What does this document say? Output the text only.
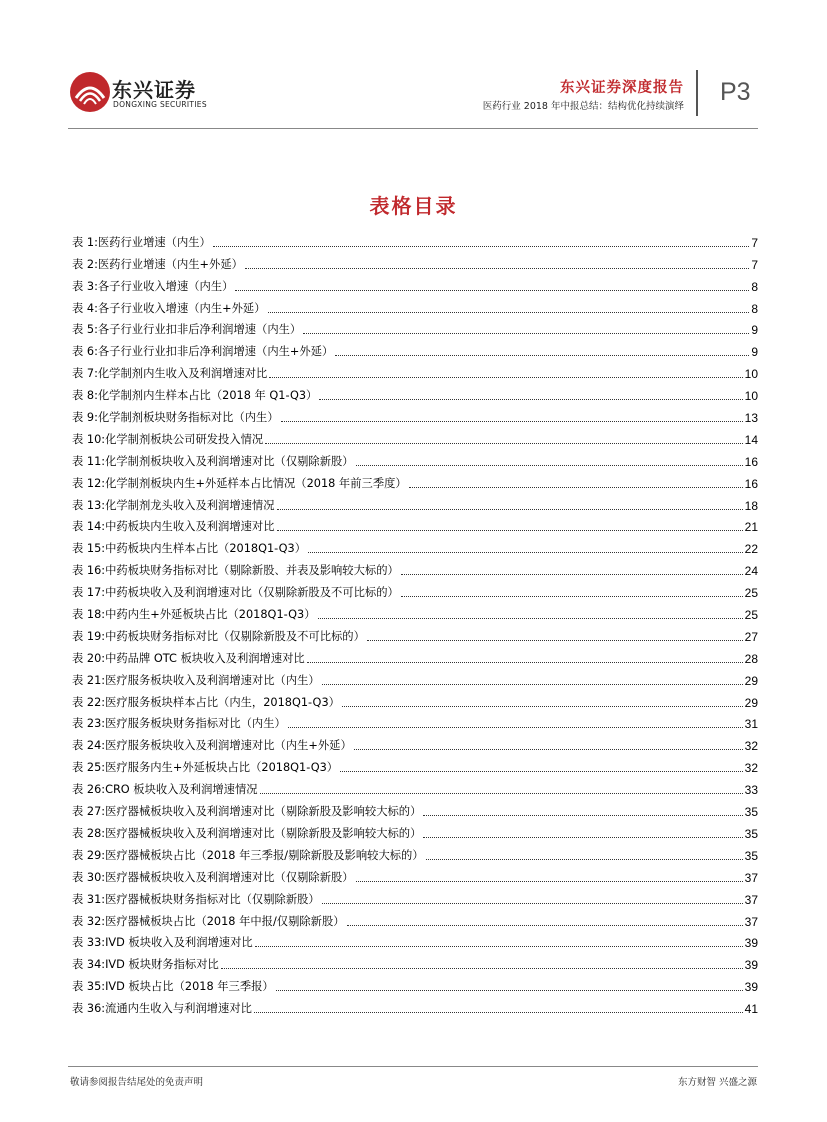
东兴证券
DONGXING SECURITIES
东兴证券深度报告
医药行业 2018 年中报总结：结构优化持续演绎
P3
表格目录
表 1:医药行业增速（内生）	7
表 2:医药行业增速（内生+外延）	7
表 3:各子行业收入增速（内生）	8
表 4:各子行业收入增速（内生+外延）	8
表 5:各子行业行业扣非后净利润增速（内生）	9
表 6:各子行业行业扣非后净利润增速（内生+外延）	9
表 7:化学制剂内生收入及利润增速对比	10
表 8:化学制剂内生样本占比（2018 年 Q1-Q3）	10
表 9:化学制剂板块财务指标对比（内生）	13
表 10:化学制剂板块公司研发投入情况	14
表 11:化学制剂板块收入及利润增速对比（仅剔除新股）	16
表 12:化学制剂板块内生+外延样本占比情况（2018 年前三季度）	16
表 13:化学制剂龙头收入及利润增速情况	18
表 14:中药板块内生收入及利润增速对比	21
表 15:中药板块内生样本占比（2018Q1-Q3）	22
表 16:中药板块财务指标对比（剔除新股、并表及影响较大标的）	24
表 17:中药板块收入及利润增速对比（仅剔除新股及不可比标的）	25
表 18:中药内生+外延板块占比（2018Q1-Q3）	25
表 19:中药板块财务指标对比（仅剔除新股及不可比标的）	27
表 20:中药品牌 OTC 板块收入及利润增速对比	28
表 21:医疗服务板块收入及利润增速对比（内生）	29
表 22:医疗服务板块样本占比（内生，2018Q1-Q3）	29
表 23:医疗服务板块财务指标对比（内生）	31
表 24:医疗服务板块收入及利润增速对比（内生+外延）	32
表 25:医疗服务内生+外延板块占比（2018Q1-Q3）	32
表 26:CRO 板块收入及利润增速情况	33
表 27:医疗器械板块收入及利润增速对比（剔除新股及影响较大标的）	35
表 28:医疗器械板块收入及利润增速对比（剔除新股及影响较大标的）	35
表 29:医疗器械板块占比（2018 年三季报/剔除新股及影响较大标的）	35
表 30:医疗器械板块收入及利润增速对比（仅剔除新股）	37
表 31:医疗器械板块财务指标对比（仅剔除新股）	37
表 32:医疗器械板块占比（2018 年中报/仅剔除新股）	37
表 33:IVD 板块收入及利润增速对比	39
表 34:IVD 板块财务指标对比	39
表 35:IVD 板块占比（2018 年三季报）	39
表 36:流通内生收入与利润增速对比	41
敬请参阅报告结尾处的免责声明	东方财智 兴盛之源
